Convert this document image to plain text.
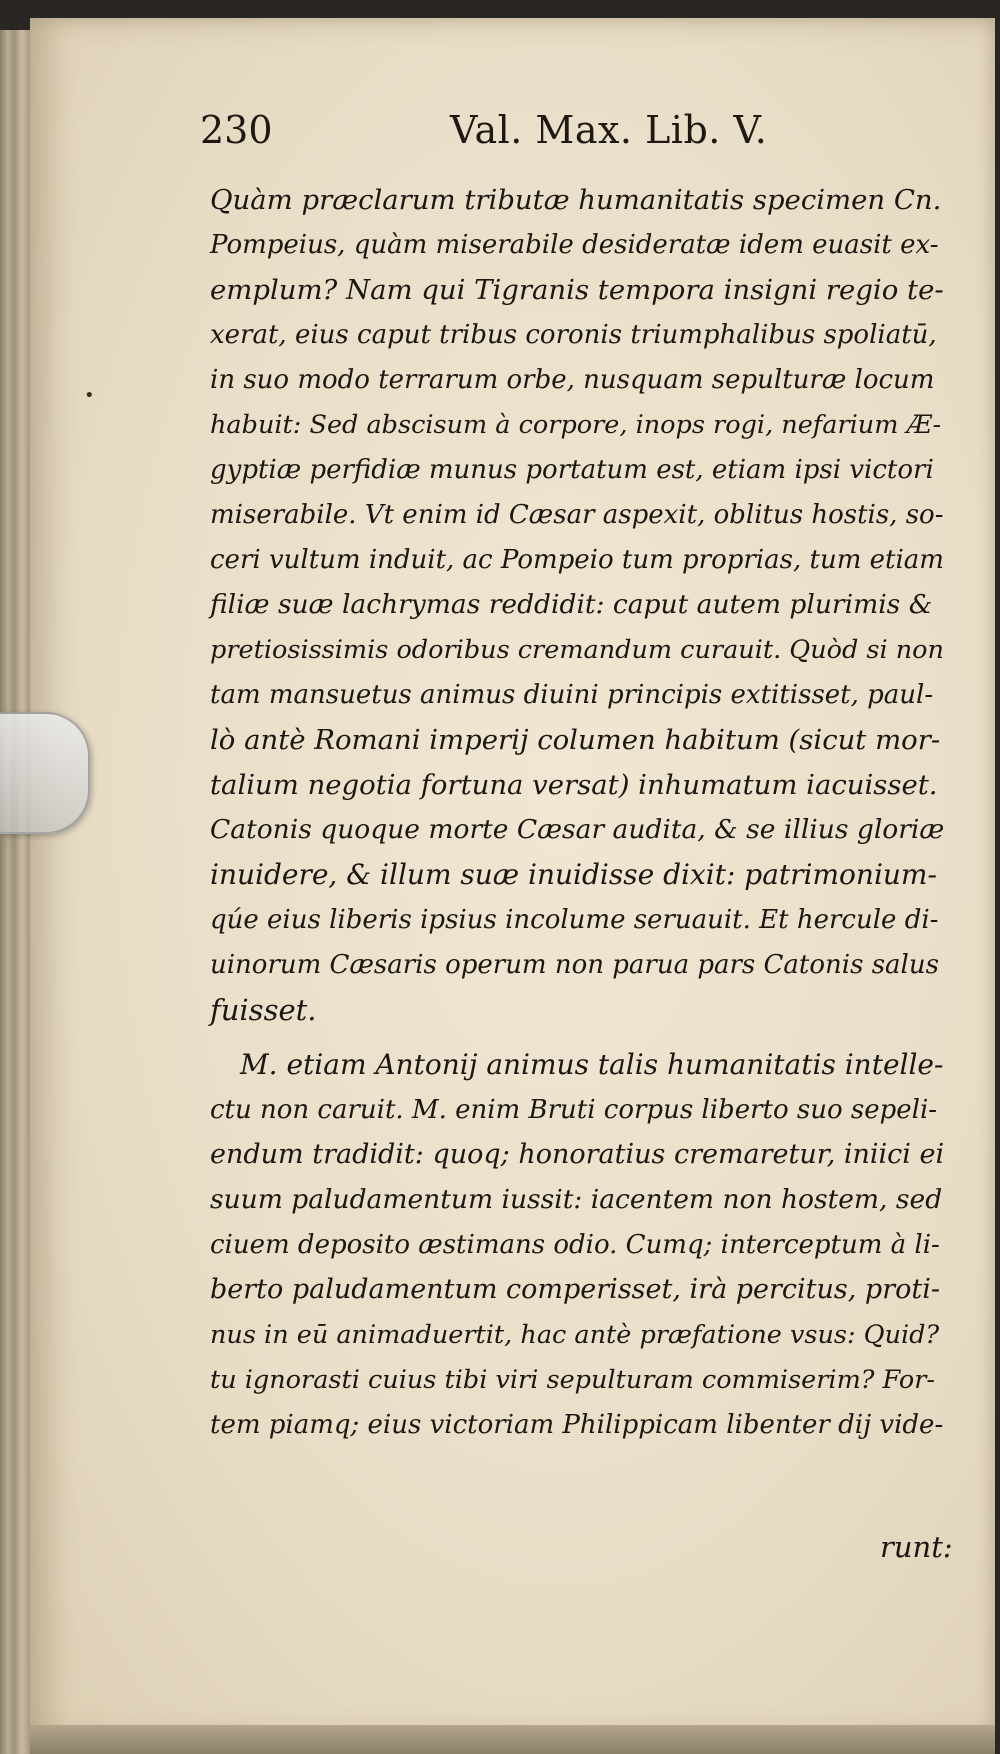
230	Val. Max. Lib. V.
•
Quàm præclarum tributæ humanitatis specimen Cn.
Pompeius, quàm miserabile desideratæ idem euasit ex-
emplum? Nam qui Tigranis tempora insigni regio te-
xerat, eius caput tribus coronis triumphalibus spoliatū,
in suo modo terrarum orbe, nusquam sepulturæ locum
habuit: Sed abscisum à corpore, inops rogi, nefarium Æ-
gyptiæ perfidiæ munus portatum est, etiam ipsi victori
miserabile. Vt enim id Cæsar aspexit, oblitus hostis, so-
ceri vultum induit, ac Pompeio tum proprias, tum etiam
filiæ suæ lachrymas reddidit: caput autem plurimis &
pretiosissimis odoribus cremandum curauit. Quòd si non
tam mansuetus animus diuini principis extitisset, paul-
lò antè Romani imperij columen habitum (sicut mor-
talium negotia fortuna versat) inhumatum iacuisset.
Catonis quoque morte Cæsar audita, & se illius gloriæ
inuidere, & illum suæ inuidisse dixit: patrimonium-
qúe eius liberis ipsius incolume seruauit. Et hercule di-
uinorum Cæsaris operum non parua pars Catonis salus
fuisset.
M. etiam Antonij animus talis humanitatis intelle-
ctu non caruit. M. enim Bruti corpus liberto suo sepeli-
endum tradidit: quoq; honoratius cremaretur, iniici ei
suum paludamentum iussit: iacentem non hostem, sed
ciuem deposito æstimans odio. Cumq; interceptum à li-
berto paludamentum comperisset, irà percitus, proti-
nus in eū animaduertit, hac antè præfatione vsus: Quid?
tu ignorasti cuius tibi viri sepulturam commiserim? For-
tem piamq; eius victoriam Philippicam libenter dij vide-
runt:
